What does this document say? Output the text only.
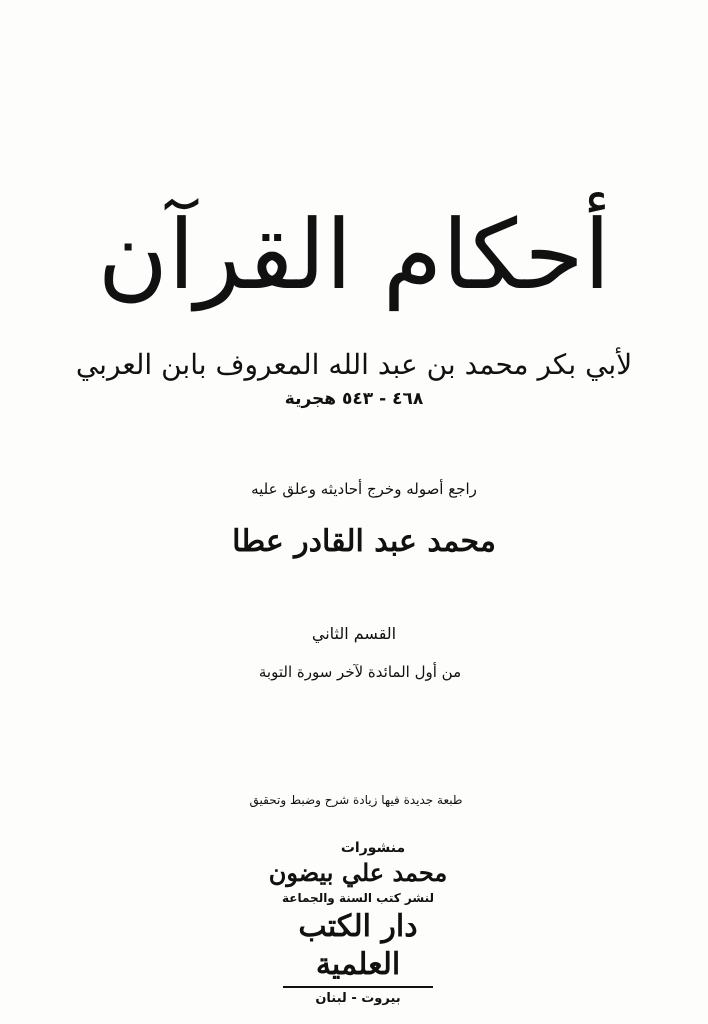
أحكام القرآن
لأبي بكر محمد بن عبد الله المعروف بابن العربي
٤٦٨ - ٥٤٣ هجرية
راجع أصوله وخرج أحاديثه وعلق عليه
محمد عبد القادر عطا
القسم الثاني
من أول المائدة لآخر سورة التوبة
طبعة جديدة فيها زيادة شرح وضبط وتحقيق
منشورات
محمد علي بيضون
لنشر كتب السنة والجماعة
دار الكتب العلمية
بيروت - لبنان
